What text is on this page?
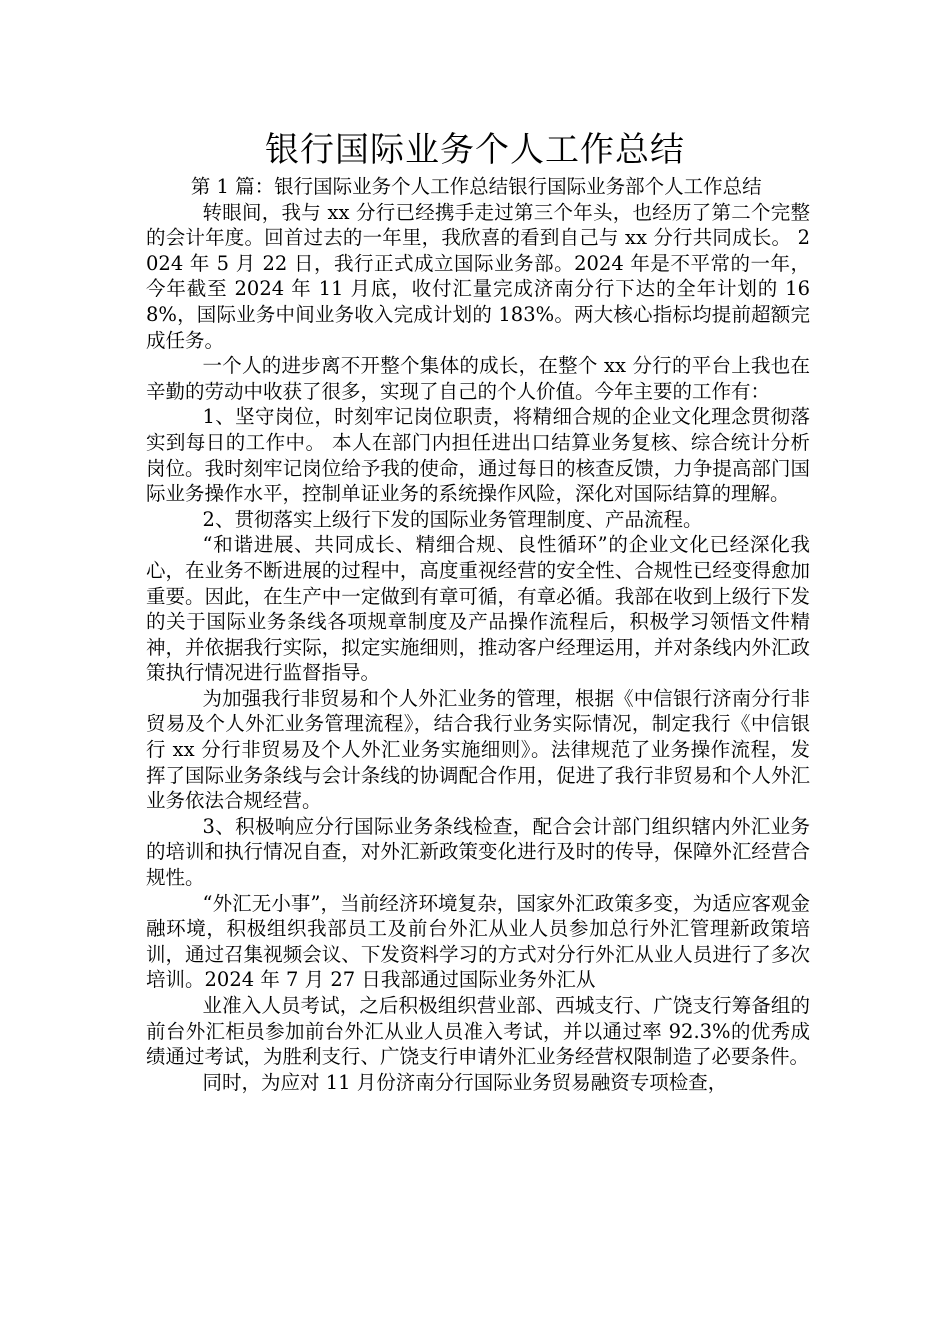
银行国际业务个人工作总结

第 1 篇：银行国际业务个人工作总结银行国际业务部个人工作总结

转眼间，我与 xx 分行已经携手走过第三个年头，也经历了第二个完整的会计年度。回首过去的一年里，我欣喜的看到自己与 xx 分行共同成长。 2024 年 5 月 22 日，我行正式成立国际业务部。2024 年是不平常的一年，今年截至 2024 年 11 月底，收付汇量完成济南分行下达的全年计划的 168%，国际业务中间业务收入完成计划的 183%。两大核心指标均提前超额完成任务。

一个人的进步离不开整个集体的成长，在整个 xx 分行的平台上我也在辛勤的劳动中收获了很多，实现了自己的个人价值。今年主要的工作有：

1、坚守岗位，时刻牢记岗位职责，将精细合规的企业文化理念贯彻落实到每日的工作中。 本人在部门内担任进出口结算业务复核、综合统计分析岗位。我时刻牢记岗位给予我的使命，通过每日的核查反馈，力争提高部门国际业务操作水平，控制单证业务的系统操作风险，深化对国际结算的理解。

2、贯彻落实上级行下发的国际业务管理制度、产品流程。

“和谐进展、共同成长、精细合规、良性循环”的企业文化已经深化我心，在业务不断进展的过程中，高度重视经营的安全性、合规性已经变得愈加重要。因此，在生产中一定做到有章可循，有章必循。我部在收到上级行下发的关于国际业务条线各项规章制度及产品操作流程后，积极学习领悟文件精神，并依据我行实际，拟定实施细则，推动客户经理运用，并对条线内外汇政策执行情况进行监督指导。

为加强我行非贸易和个人外汇业务的管理，根据《中信银行济南分行非贸易及个人外汇业务管理流程》，结合我行业务实际情况，制定我行《中信银行 xx 分行非贸易及个人外汇业务实施细则》。法律规范了业务操作流程，发挥了国际业务条线与会计条线的协调配合作用，促进了我行非贸易和个人外汇业务依法合规经营。

3、积极响应分行国际业务条线检查，配合会计部门组织辖内外汇业务的培训和执行情况自查，对外汇新政策变化进行及时的传导，保障外汇经营合规性。

“外汇无小事”，当前经济环境复杂，国家外汇政策多变，为适应客观金融环境，积极组织我部员工及前台外汇从业人员参加总行外汇管理新政策培训，通过召集视频会议、下发资料学习的方式对分行外汇从业人员进行了多次培训。2024 年 7 月 27 日我部通过国际业务外汇从

业准入人员考试，之后积极组织营业部、西城支行、广饶支行筹备组的前台外汇柜员参加前台外汇从业人员准入考试，并以通过率 92.3%的优秀成绩通过考试，为胜利支行、广饶支行申请外汇业务经营权限制造了必要条件。

同时，为应对 11 月份济南分行国际业务贸易融资专项检查，
